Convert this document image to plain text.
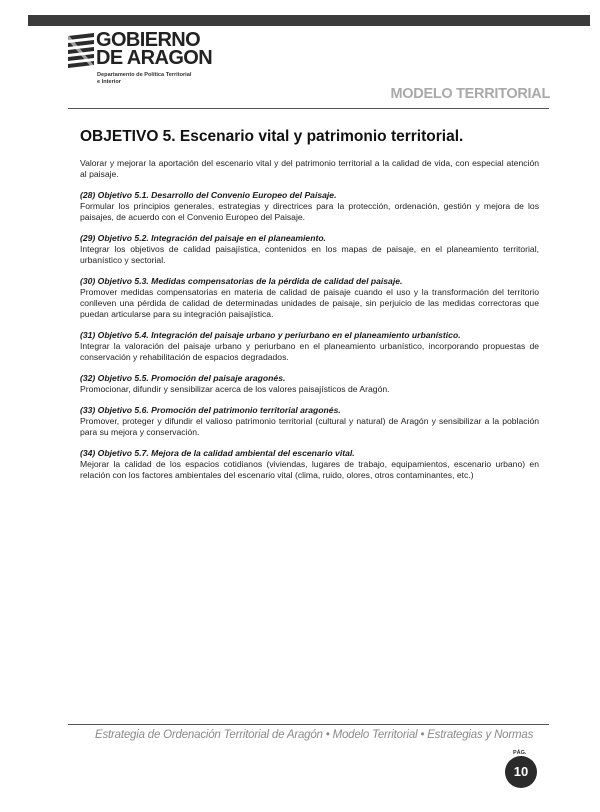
GOBIERNO
DE ARAGON

Departamento de Política Territorial
e Interior
MODELO TERRITORIAL
OBJETIVO 5. Escenario vital y patrimonio territorial.

Valorar y mejorar la aportación del escenario vital y del patrimonio territorial a la calidad de vida, con especial atención al paisaje.

(28) Objetivo 5.1. Desarrollo del Convenio Europeo del Paisaje.

Formular los principios generales, estrategias y directrices para la protección, ordenación, gestión y mejora de los paisajes, de acuerdo con el Convenio Europeo del Paisaje.

(29) Objetivo 5.2. Integración del paisaje en el planeamiento.

Integrar los objetivos de calidad paisajística, contenidos en los mapas de paisaje, en el planeamiento territorial, urbanístico y sectorial.

(30) Objetivo 5.3. Medidas compensatorias de la pérdida de calidad del paisaje.

Promover medidas compensatorias en materia de calidad de paisaje cuando el uso y la transformación del territorio conlleven una pérdida de calidad de determinadas unidades de paisaje, sin perjuicio de las medidas correctoras que puedan articularse para su integración paisajística.

(31) Objetivo 5.4. Integración del paisaje urbano y periurbano en el planeamiento urbanístico.

Integrar la valoración del paisaje urbano y periurbano en el planeamiento urbanístico, incorporando propuestas de conservación y rehabilitación de espacios degradados.

(32) Objetivo 5.5. Promoción del paisaje aragonés.

Promocionar, difundir y sensibilizar acerca de los valores paisajísticos de Aragón.

(33) Objetivo 5.6. Promoción del patrimonio territorial aragonés.

Promover, proteger y difundir el valioso patrimonio territorial (cultural y natural) de Aragón y sensibilizar a la población para su mejora y conservación.

(34) Objetivo 5.7. Mejora de la calidad ambiental del escenario vital.

Mejorar la calidad de los espacios cotidianos (viviendas, lugares de trabajo, equipamientos, escenario urbano) en relación con los factores ambientales del escenario vital (clima, ruido, olores, otros contaminantes, etc.)

Estrategia de Ordenación Territorial de Aragón • Modelo Territorial • Estrategias y Normas
PÁG.
10
